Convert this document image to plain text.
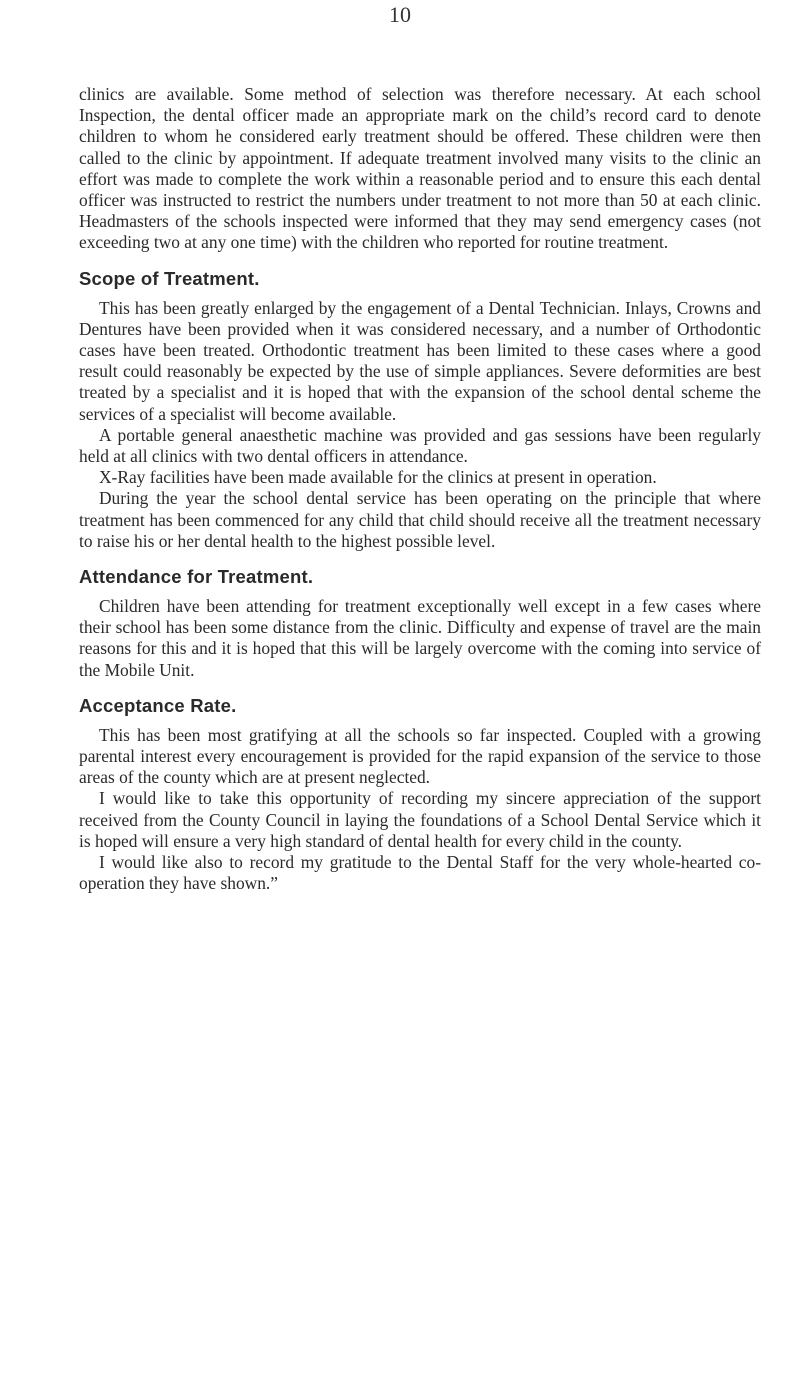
10

clinics are available. Some method of selection was therefore necessary. At each school Inspection, the dental officer made an appropriate mark on the child’s record card to denote children to whom he considered early treatment should be offered. These children were then called to the clinic by appointment. If adequate treatment involved many visits to the clinic an effort was made to complete the work within a reasonable period and to ensure this each dental officer was instructed to restrict the numbers under treatment to not more than 50 at each clinic. Headmasters of the schools inspected were informed that they may send emergency cases (not exceeding two at any one time) with the children who reported for routine treatment.

Scope of Treatment.

This has been greatly enlarged by the engagement of a Dental Technician. Inlays, Crowns and Dentures have been provided when it was considered necessary, and a number of Orthodontic cases have been treated. Orthodontic treatment has been limited to these cases where a good result could reasonably be expected by the use of simple appliances. Severe deformities are best treated by a specialist and it is hoped that with the expansion of the school dental scheme the services of a specialist will become available.

A portable general anaesthetic machine was provided and gas sessions have been regularly held at all clinics with two dental officers in attendance.

X-Ray facilities have been made available for the clinics at present in operation.

During the year the school dental service has been operating on the principle that where treatment has been commenced for any child that child should receive all the treatment necessary to raise his or her dental health to the highest possible level.

Attendance for Treatment.

Children have been attending for treatment exceptionally well except in a few cases where their school has been some distance from the clinic. Difficulty and expense of travel are the main reasons for this and it is hoped that this will be largely overcome with the coming into service of the Mobile Unit.

Acceptance Rate.

This has been most gratifying at all the schools so far inspected. Coupled with a growing parental interest every encouragement is provided for the rapid expansion of the service to those areas of the county which are at present neglected.

I would like to take this opportunity of recording my sincere appreciation of the support received from the County Council in laying the foundations of a School Dental Service which it is hoped will ensure a very high standard of dental health for every child in the county.

I would like also to record my gratitude to the Dental Staff for the very whole-hearted co-operation they have shown.”
